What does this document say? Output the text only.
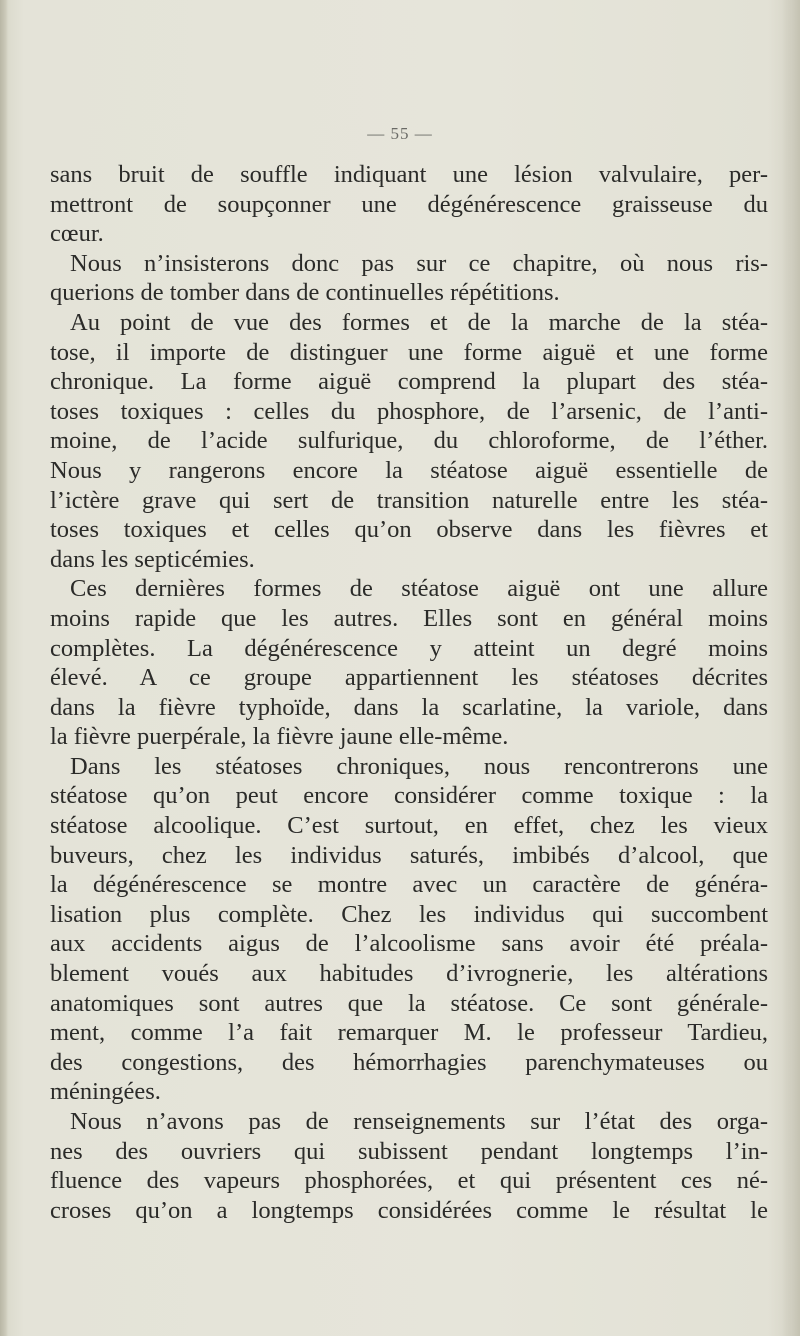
— 55 —
sans bruit de souffle indiquant une lésion valvulaire, per-
mettront de soupçonner une dégénérescence graisseuse du
cœur.
Nous n’insisterons donc pas sur ce chapitre, où nous ris-
querions de tomber dans de continuelles répétitions.
Au point de vue des formes et de la marche de la stéa-
tose, il importe de distinguer une forme aiguë et une forme
chronique. La forme aiguë comprend la plupart des stéa-
toses toxiques : celles du phosphore, de l’arsenic, de l’anti-
moine, de l’acide sulfurique, du chloroforme, de l’éther.
Nous y rangerons encore la stéatose aiguë essentielle de
l’ictère grave qui sert de transition naturelle entre les stéa-
toses toxiques et celles qu’on observe dans les fièvres et
dans les septicémies.
Ces dernières formes de stéatose aiguë ont une allure
moins rapide que les autres. Elles sont en général moins
complètes. La dégénérescence y atteint un degré moins
élevé. A ce groupe appartiennent les stéatoses décrites
dans la fièvre typhoïde, dans la scarlatine, la variole, dans
la fièvre puerpérale, la fièvre jaune elle-même.
Dans les stéatoses chroniques, nous rencontrerons une
stéatose qu’on peut encore considérer comme toxique : la
stéatose alcoolique. C’est surtout, en effet, chez les vieux
buveurs, chez les individus saturés, imbibés d’alcool, que
la dégénérescence se montre avec un caractère de généra-
lisation plus complète. Chez les individus qui succombent
aux accidents aigus de l’alcoolisme sans avoir été préala-
blement voués aux habitudes d’ivrognerie, les altérations
anatomiques sont autres que la stéatose. Ce sont générale-
ment, comme l’a fait remarquer M. le professeur Tardieu,
des congestions, des hémorrhagies parenchymateuses ou
méningées.
Nous n’avons pas de renseignements sur l’état des orga-
nes des ouvriers qui subissent pendant longtemps l’in-
fluence des vapeurs phosphorées, et qui présentent ces né-
croses qu’on a longtemps considérées comme le résultat le
